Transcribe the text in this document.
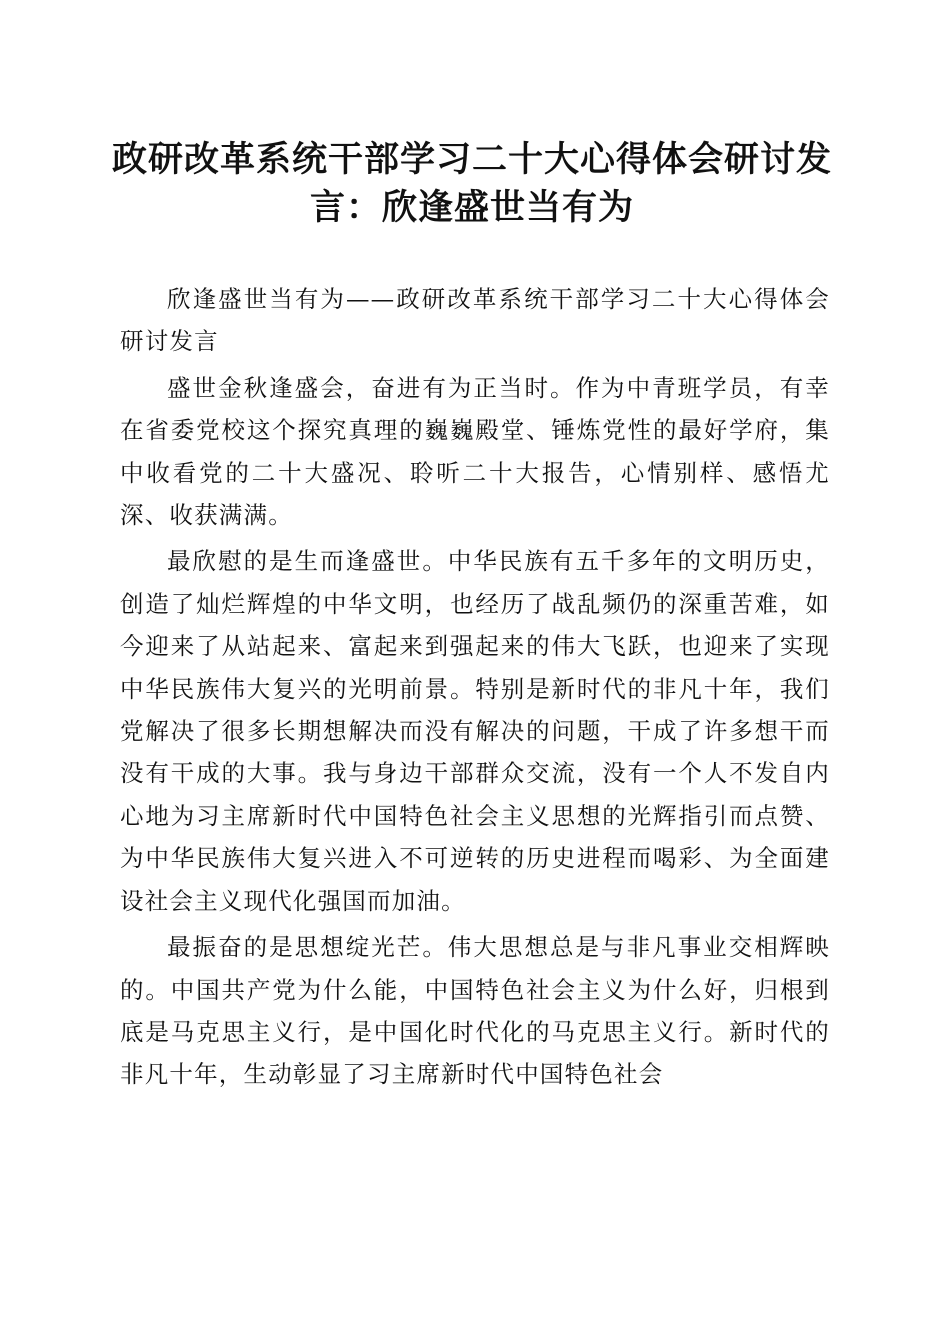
政研改革系统干部学习二十大心得体会研讨发言：欣逢盛世当有为

欣逢盛世当有为——政研改革系统干部学习二十大心得体会研讨发言

盛世金秋逢盛会，奋进有为正当时。作为中青班学员，有幸在省委党校这个探究真理的巍巍殿堂、锤炼党性的最好学府，集中收看党的二十大盛况、聆听二十大报告，心情别样、感悟尤深、收获满满。

最欣慰的是生而逢盛世。中华民族有五千多年的文明历史，创造了灿烂辉煌的中华文明，也经历了战乱频仍的深重苦难，如今迎来了从站起来、富起来到强起来的伟大飞跃，也迎来了实现中华民族伟大复兴的光明前景。特别是新时代的非凡十年，我们党解决了很多长期想解决而没有解决的问题，干成了许多想干而没有干成的大事。我与身边干部群众交流，没有一个人不发自内心地为习主席新时代中国特色社会主义思想的光辉指引而点赞、为中华民族伟大复兴进入不可逆转的历史进程而喝彩、为全面建设社会主义现代化强国而加油。

最振奋的是思想绽光芒。伟大思想总是与非凡事业交相辉映的。中国共产党为什么能，中国特色社会主义为什么好，归根到底是马克思主义行，是中国化时代化的马克思主义行。新时代的非凡十年，生动彰显了习主席新时代中国特色社会
